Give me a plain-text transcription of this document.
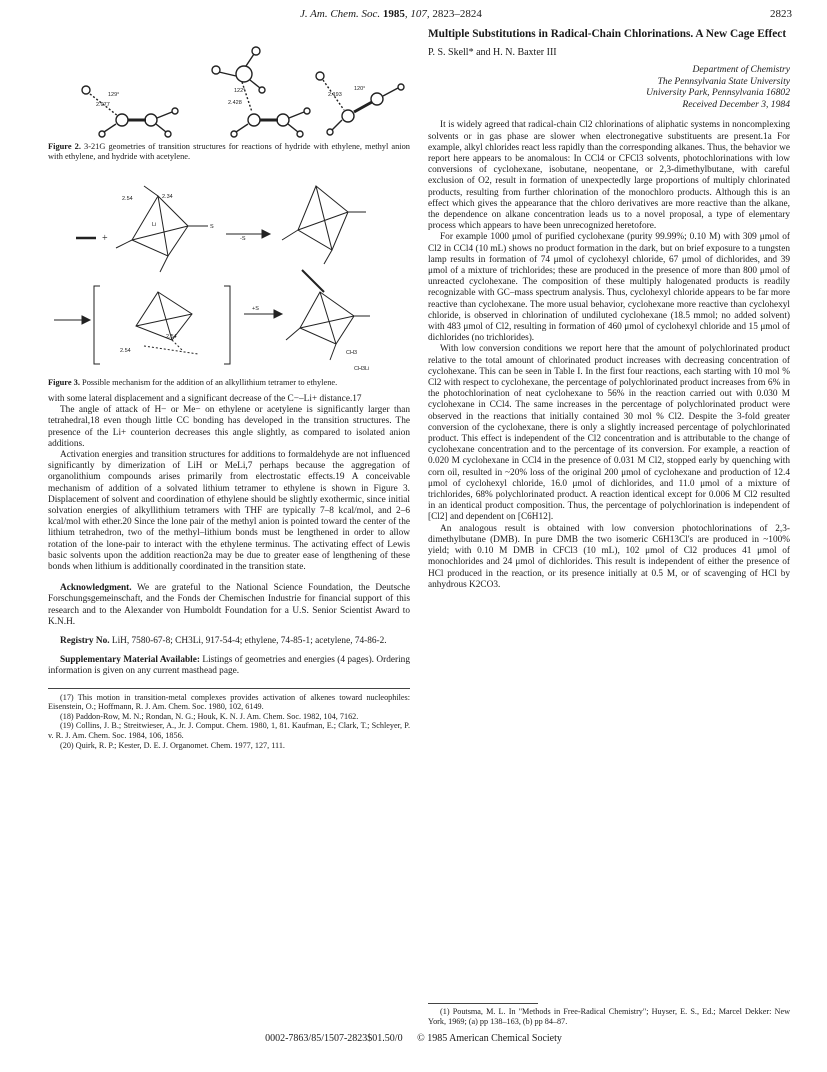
J. Am. Chem. Soc. 1985, 107, 2823–2824	2823
2.077
129°
2.428
122°
2.193
120°

Figure 2. 3-21G geometries of transition structures for reactions of hydride with ethylene, methyl anion with ethylene, and hydride with acetylene.

+
2.54	2.34
Li	S
-S
+S
2.54
2.54	CH3
CH3Li

Figure 3. Possible mechanism for the addition of an alkyllithium tetramer to ethylene.

with some lateral displacement and a significant decrease of the C−–Li+ distance.17

The angle of attack of H− or Me− on ethylene or acetylene is significantly larger than tetrahedral,18 even though little CC bonding has developed in the transition structures. The presence of the Li+ counterion decreases this angle slightly, as compared to isolated anion additions.

Activation energies and transition structures for additions to formaldehyde are not influenced significantly by dimerization of LiH or MeLi,7 perhaps because the aggregation of organolithium compounds arises primarily from electrostatic effects.19 A conceivable mechanism of addition of a solvated lithium tetramer to ethylene is shown in Figure 3. Displacement of solvent and coordination of ethylene should be slightly exothermic, since initial solvation energies of alkyllithium tetramers with THF are typically 7–8 kcal/mol, and 2–6 kcal/mol with ether.20 Since the lone pair of the methyl anion is pointed toward the center of the lithium tetrahedron, two of the methyl–lithium bonds must be lengthened in order to allow rotation of the lone-pair to interact with the ethylene terminus. The activating effect of Lewis basic solvents upon the addition reaction2a may be due to greater ease of lengthening of these bonds when lithium is additionally coordinated in the transition state.

Acknowledgment. We are grateful to the National Science Foundation, the Deutsche Forschungsgemeinschaft, and the Fonds der Chemischen Industrie for financial support of this research and to the Alexander von Humboldt Foundation for a U.S. Senior Scientist Award to K.N.H.

Registry No. LiH, 7580-67-8; CH3Li, 917-54-4; ethylene, 74-85-1; acetylene, 74-86-2.

Supplementary Material Available: Listings of geometries and energies (4 pages). Ordering information is given on any current masthead page.

(17) This motion in transition-metal complexes provides activation of alkenes toward nucleophiles: Eisenstein, O.; Hoffmann, R. J. Am. Chem. Soc. 1980, 102, 6149.

(18) Paddon-Row, M. N.; Rondan, N. G.; Houk, K. N. J. Am. Chem. Soc. 1982, 104, 7162.

(19) Collins, J. B.; Streitwieser, A., Jr. J. Comput. Chem. 1980, 1, 81. Kaufman, E.; Clark, T.; Schleyer, P. v. R. J. Am. Chem. Soc. 1984, 106, 1856.

(20) Quirk, R. P.; Kester, D. E. J. Organomet. Chem. 1977, 127, 111.

Multiple Substitutions in Radical-Chain Chlorinations. A New Cage Effect
P. S. Skell* and H. N. Baxter III
Department of Chemistry
The Pennsylvania State University
University Park, Pennsylvania 16802
Received December 3, 1984

It is widely agreed that radical-chain Cl2 chlorinations of aliphatic systems in noncomplexing solvents or in gas phase are slower when electronegative substituents are present.1a For example, alkyl chlorides react less rapidly than the corresponding alkanes. Thus, the behavior we report here appears to be anomalous: In CCl4 or CFCl3 solvents, photochlorinations with low conversions of cyclohexane, isobutane, neopentane, or 2,3-dimethylbutane, with careful exclusion of O2, result in formation of unexpectedly large proportions of multiply chlorinated products, resulting from further chlorination of the monochloro products. Although this is an effect which gives the appearance that the chloro derivatives are more reactive than the alkane, the dependence on alkane concentration leads us to a novel proposal, a type of elementary process which appears to have been unrecognized heretofore.

For example 1000 μmol of purified cyclohexane (purity 99.99%; 0.10 M) with 309 μmol of Cl2 in CCl4 (10 mL) shows no product formation in the dark, but on brief exposure to a tungsten lamp results in formation of 74 μmol of cyclohexyl chloride, 67 μmol of dichlorides, and 39 μmol of a mixture of trichlorides; these are produced in the presence of more than 800 μmol of unreacted cyclohexane. The composition of these multiply halogenated products is readily recognizable with GC–mass spectrum analysis. Thus, cyclohexyl chloride appears to be far more reactive than cyclohexane. The more usual behavior, cyclohexane more reactive than cyclohexyl chloride, is observed in chlorination of undiluted cyclohexane (18.5 mmol; no added solvent) with 483 μmol of Cl2, resulting in formation of 460 μmol of cyclohexyl chloride and 15 μmol of dichlorides (no trichlorides).

With low conversion conditions we report here that the amount of polychlorinated product relative to the total amount of chlorinated product increases with decreasing concentration of cyclohexane. This can be seen in Table I. In the first four reactions, each starting with 10 mol % Cl2 with respect to cyclohexane, the percentage of polychlorinated product increases from 6% in the photochlorination of neat cyclohexane to 56% in the reaction carried out with 0.030 M cyclohexane in CCl4. The same increases in the percentage of polychlorinated product were observed in the reactions that initially contained 30 mol % Cl2. Despite the 3-fold greater conversion of the cyclohexane, there is only a slightly increased percentage of polychlorinated product. This effect is independent of the Cl2 concentration and is attributable to the change of cyclohexane concentration and to the percentage of its conversion. For example, a reaction of 0.020 M cyclohexane in CCl4 in the presence of 0.031 M Cl2, stopped early by quenching with corn oil, resulted in ~20% loss of the original 200 μmol of cyclohexane and production of 12.4 μmol of cyclohexyl chloride, 16.0 μmol of dichlorides, and 11.0 μmol of a mixture of trichlorides, 68% polychlorinated product. A reaction identical except for 0.006 M Cl2 resulted in an identical product composition. Thus, the percentage of polychlorination is independent of [Cl2] and dependent on [C6H12].

An analogous result is obtained with low conversion photochlorinations of 2,3-dimethylbutane (DMB). In pure DMB the two isomeric C6H13Cl's are produced in ~100% yield; with 0.10 M DMB in CFCl3 (10 mL), 102 μmol of Cl2 produces 41 μmol of monochlorides and 24 μmol of dichlorides. This result is independent of either the presence of HCl produced in the reaction, or its presence initially at 0.5 M, or of scavenging of HCl by anhydrous K2CO3.

(1) Poutsma, M. L. In "Methods in Free-Radical Chemistry"; Huyser, E. S., Ed.; Marcel Dekker: New York, 1969; (a) pp 138–163, (b) pp 84–87.

0002-7863/85/1507-2823$01.50/0 © 1985 American Chemical Society
